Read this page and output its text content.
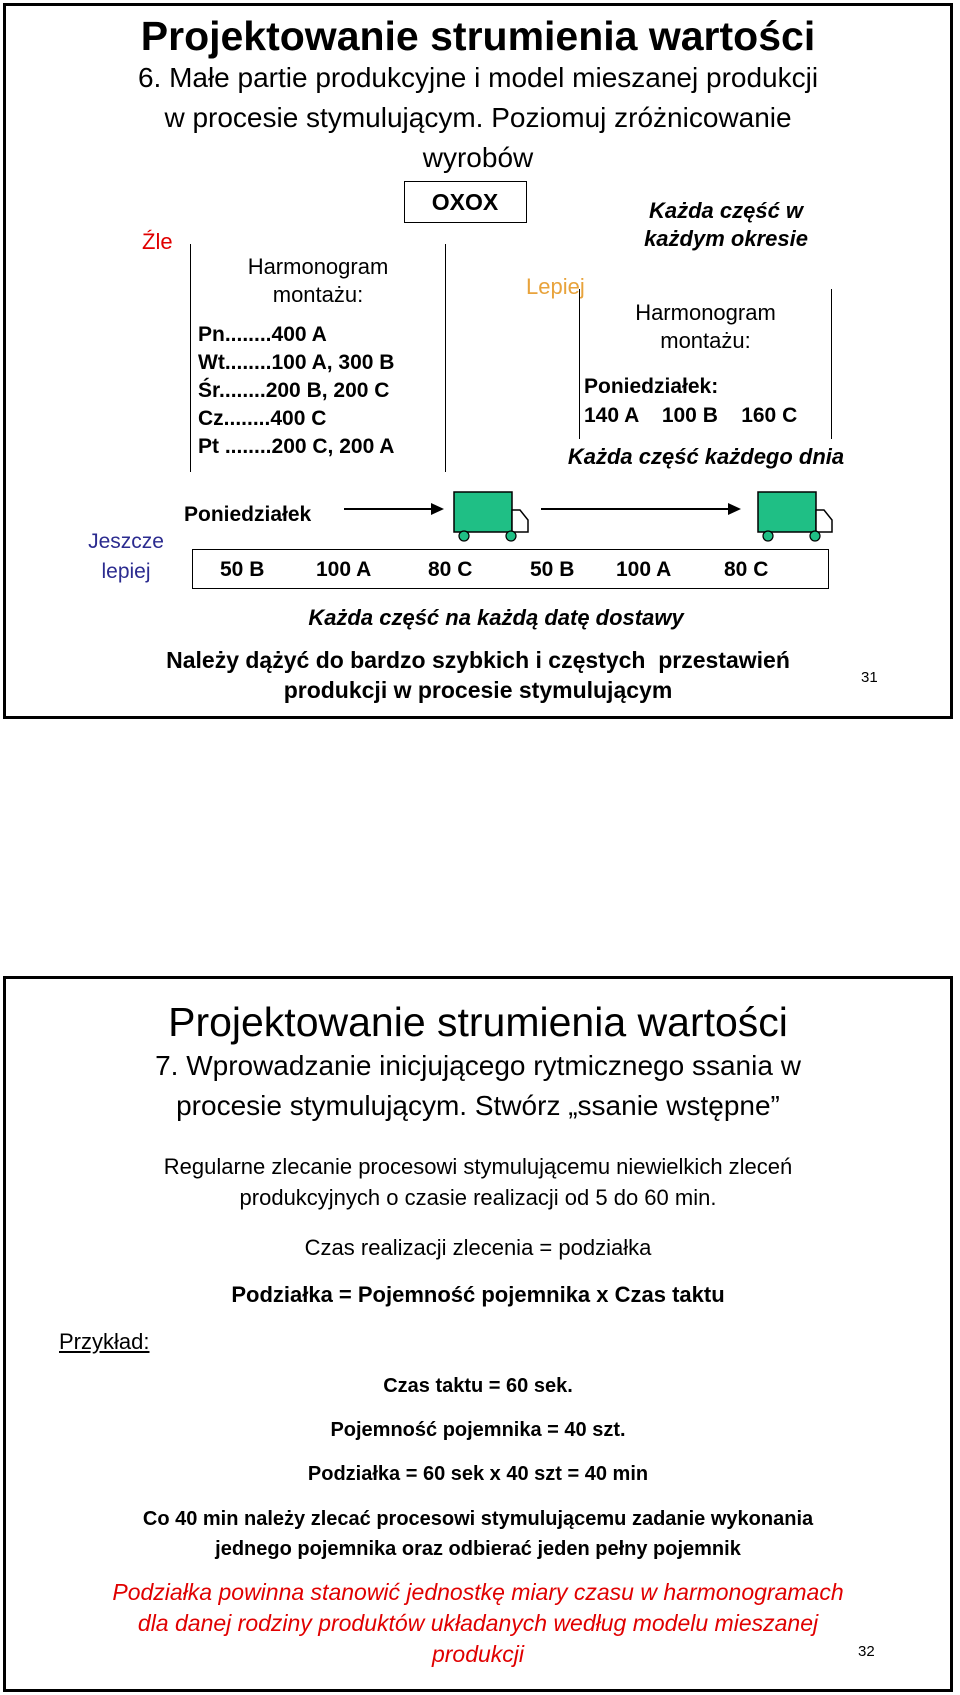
Projektowanie strumienia wartości
6. Małe partie produkcyjne i model mieszanej produkcji
w procesie stymulującym. Poziomuj zróżnicowanie
wyrobów
OXOX
Źle
Harmonogram
montażu:
Pn........400 A
Wt........100 A, 300 B
Śr........200 B, 200 C
Cz........400 C
Pt ........200 C, 200 A
Każda część w
każdym okresie
Lepiej
Harmonogram
montażu:
Poniedziałek:
140 A    100 B    160 C
Każda część każdego dnia
Jeszcze
lepiej
Poniedziałek
50 B 100 A	80 C	50 B 100 A	80 C
Każda część na każdą datę dostawy
Należy dążyć do bardzo szybkich i częstych  przestawień
produkcji w procesie stymulującym	31
Projektowanie strumienia wartości
7. Wprowadzanie inicjującego rytmicznego ssania w
procesie stymulującym. Stwórz „ssanie wstępne”
Regularne zlecanie procesowi stymulującemu niewielkich zleceń
produkcyjnych o czasie realizacji od 5 do 60 min.
Czas realizacji zlecenia = podziałka
Podziałka = Pojemność pojemnika x Czas taktu
Przykład:
Czas taktu = 60 sek.
Pojemność pojemnika = 40 szt.
Podziałka = 60 sek x 40 szt = 40 min
Co 40 min należy zlecać procesowi stymulującemu zadanie wykonania
jednego pojemnika oraz odbierać jeden pełny pojemnik
Podziałka powinna stanowić jednostkę miary czasu w harmonogramach
dla danej rodziny produktów układanych według modelu mieszanej
produkcji	32
